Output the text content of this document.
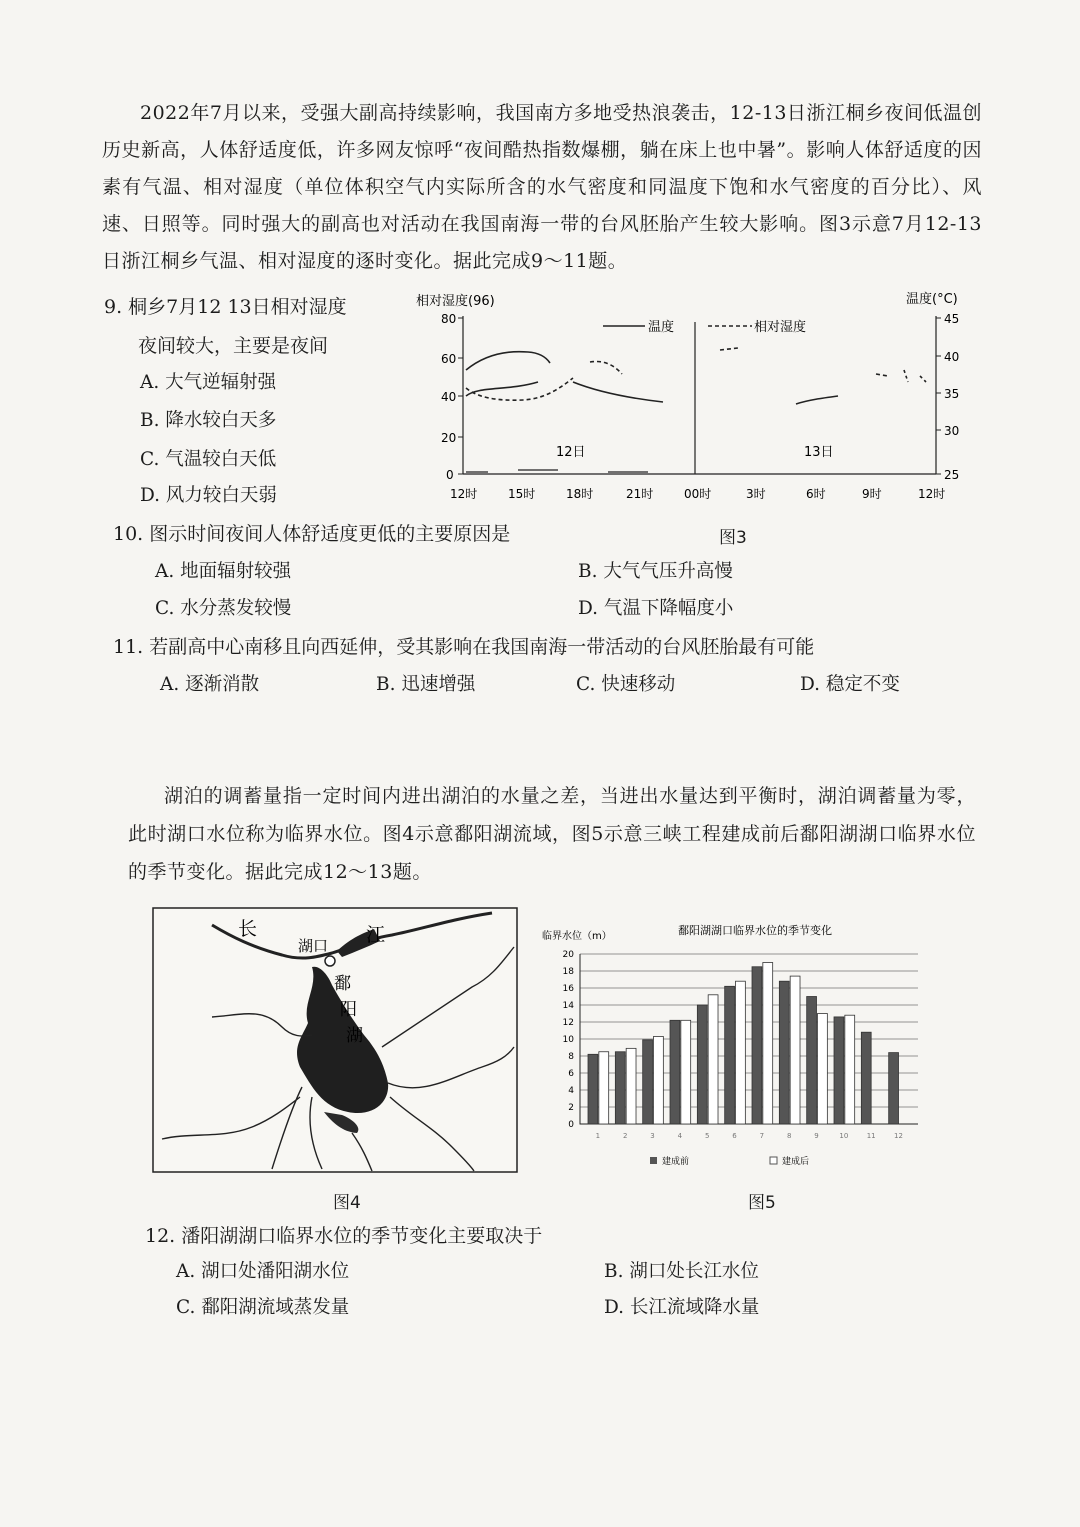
2022年7月以来，受强大副高持续影响，我国南方多地受热浪袭击，12-13日浙江桐乡夜间低温创历史新高，人体舒适度低，许多网友惊呼“夜间酷热指数爆棚，躺在床上也中暑”。影响人体舒适度的因素有气温、相对湿度（单位体积空气内实际所含的水气密度和同温度下饱和水气密度的百分比）、风速、日照等。同时强大的副高也对活动在我国南海一带的台风胚胎产生较大影响。图3示意7月12-13日浙江桐乡气温、相对湿度的逐时变化。据此完成9～11题。
9. 桐乡7月12 13日相对湿度
夜间较大，主要是夜间
A. 大气逆辐射强
B. 降水较白天多
C. 气温较白天低
D. 风力较白天弱
相对湿度(96)	温度(°C)
温度	相对湿度
0
20
40
60
80
25
30
35
40
45
12时	15时	18时	21时	00时	3时	6时	9时	12时
12日	13日
图3
10. 图示时间夜间人体舒适度更低的主要原因是
A. 地面辐射较强	B. 大气气压升高慢
C. 水分蒸发较慢	D. 气温下降幅度小
11. 若副高中心南移且向西延伸，受其影响在我国南海一带活动的台风胚胎最有可能
A. 逐渐消散	B. 迅速增强	C. 快速移动	D. 稳定不变
湖泊的调蓄量指一定时间内进出湖泊的水量之差，当进出水量达到平衡时，湖泊调蓄量为零，此时湖口水位称为临界水位。图4示意鄱阳湖流域，图5示意三峡工程建成前后鄱阳湖湖口临界水位的季节变化。据此完成12～13题。
长	江
湖口
鄱
阳
湖
图4
鄱阳湖湖口临界水位的季节变化
临界水位（m）
0
2
4
6
8
10
12
14
16
18
20
1	2	3	4	5	6	7	8	9	10	11	12
建成前	建成后
图5
12. 潘阳湖湖口临界水位的季节变化主要取决于
A. 湖口处潘阳湖水位	B. 湖口处长江水位
C. 鄱阳湖流域蒸发量	D. 长江流域降水量
